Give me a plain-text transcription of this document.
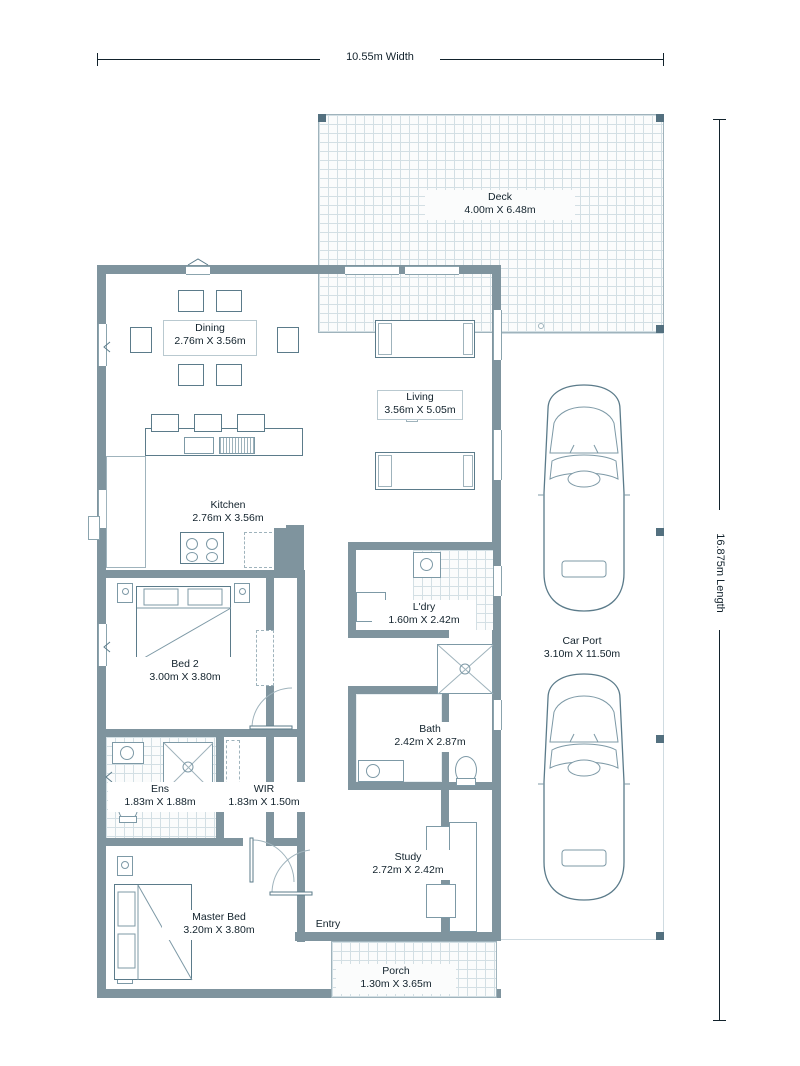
10.55m Width
16.875m Length
Deck
4.00m X 6.48m
Car Port
3.10m X 11.50m
Dining
2.76m X 3.56m
Kitchen
2.76m X 3.56m
Living
3.56m X 5.05m
Bed 2
3.00m X 3.80m
L'dry
1.60m X 2.42m
Bath
2.42m X 2.87m
Ens
1.83m X 1.88m
WIR
1.83m X 1.50m
Master Bed
3.20m X 3.80m
Study
2.72m X 2.42m
Entry
Porch
1.30m X 3.65m
